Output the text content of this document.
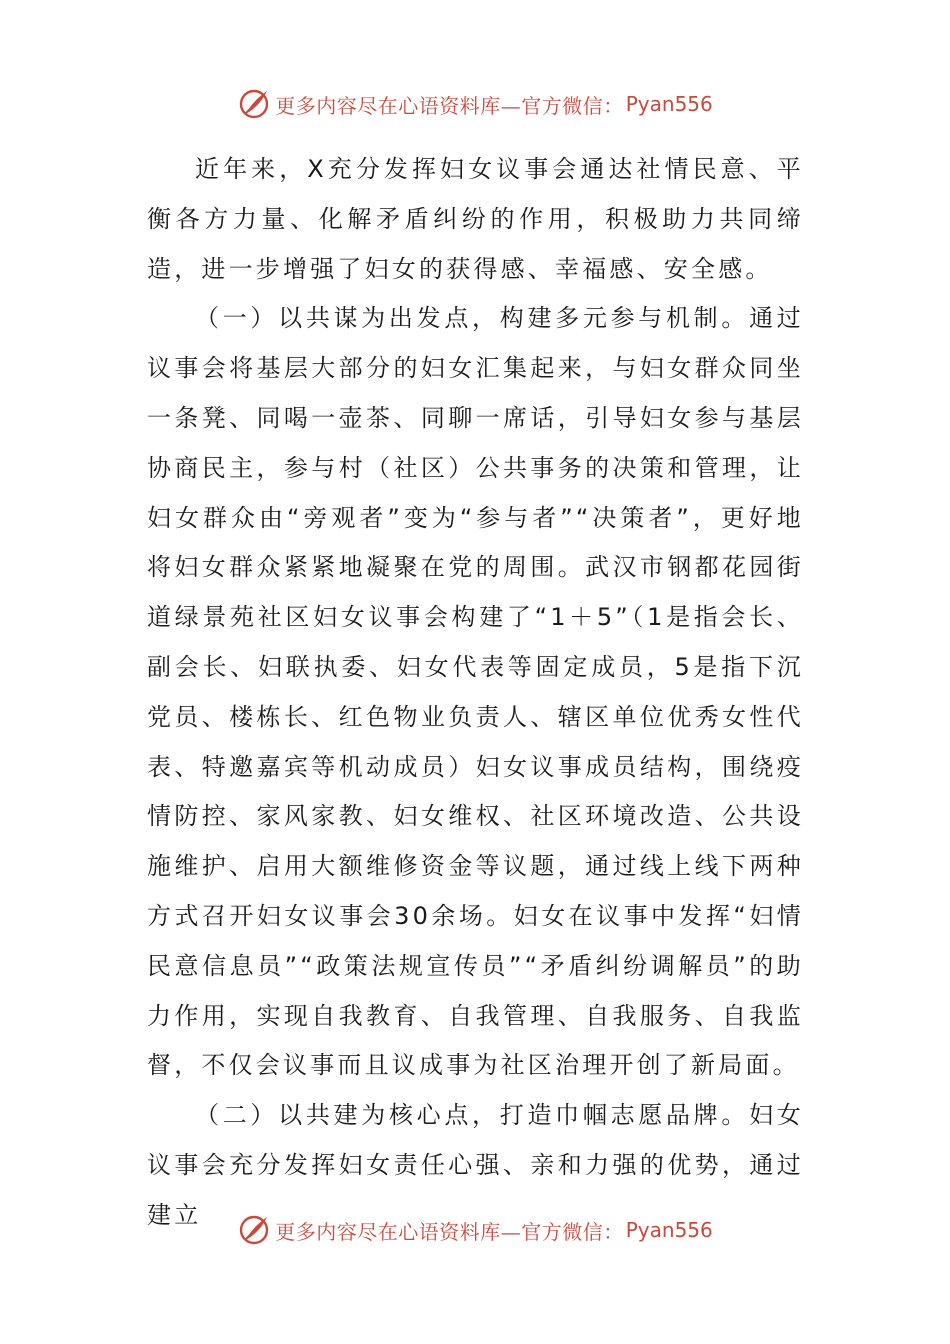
更多内容尽在心语资料库—官方微信： Pyan556

近年来，X充分发挥妇女议事会通达社情民意、平衡各方力量、化解矛盾纠纷的作用，积极助力共同缔造，进一步增强了妇女的获得感、幸福感、安全感。

（一）以共谋为出发点，构建多元参与机制。通过议事会将基层大部分的妇女汇集起来，与妇女群众同坐一条凳、同喝一壶茶、同聊一席话，引导妇女参与基层协商民主，参与村（社区）公共事务的决策和管理，让妇女群众由“旁观者”变为“参与者”“决策者”，更好地将妇女群众紧紧地凝聚在党的周围。武汉市钢都花园街道绿景苑社区妇女议事会构建了“1＋5”（1是指会长、副会长、妇联执委、妇女代表等固定成员，5是指下沉党员、楼栋长、红色物业负责人、辖区单位优秀女性代表、特邀嘉宾等机动成员）妇女议事成员结构，围绕疫情防控、家风家教、妇女维权、社区环境改造、公共设施维护、启用大额维修资金等议题，通过线上线下两种方式召开妇女议事会30余场。妇女在议事中发挥“妇情民意信息员”“政策法规宣传员”“矛盾纠纷调解员”的助力作用，实现自我教育、自我管理、自我服务、自我监督，不仅会议事而且议成事为社区治理开创了新局面。

（二）以共建为核心点，打造巾帼志愿品牌。妇女议事会充分发挥妇女责任心强、亲和力强的优势，通过建立

更多内容尽在心语资料库—官方微信： Pyan556
